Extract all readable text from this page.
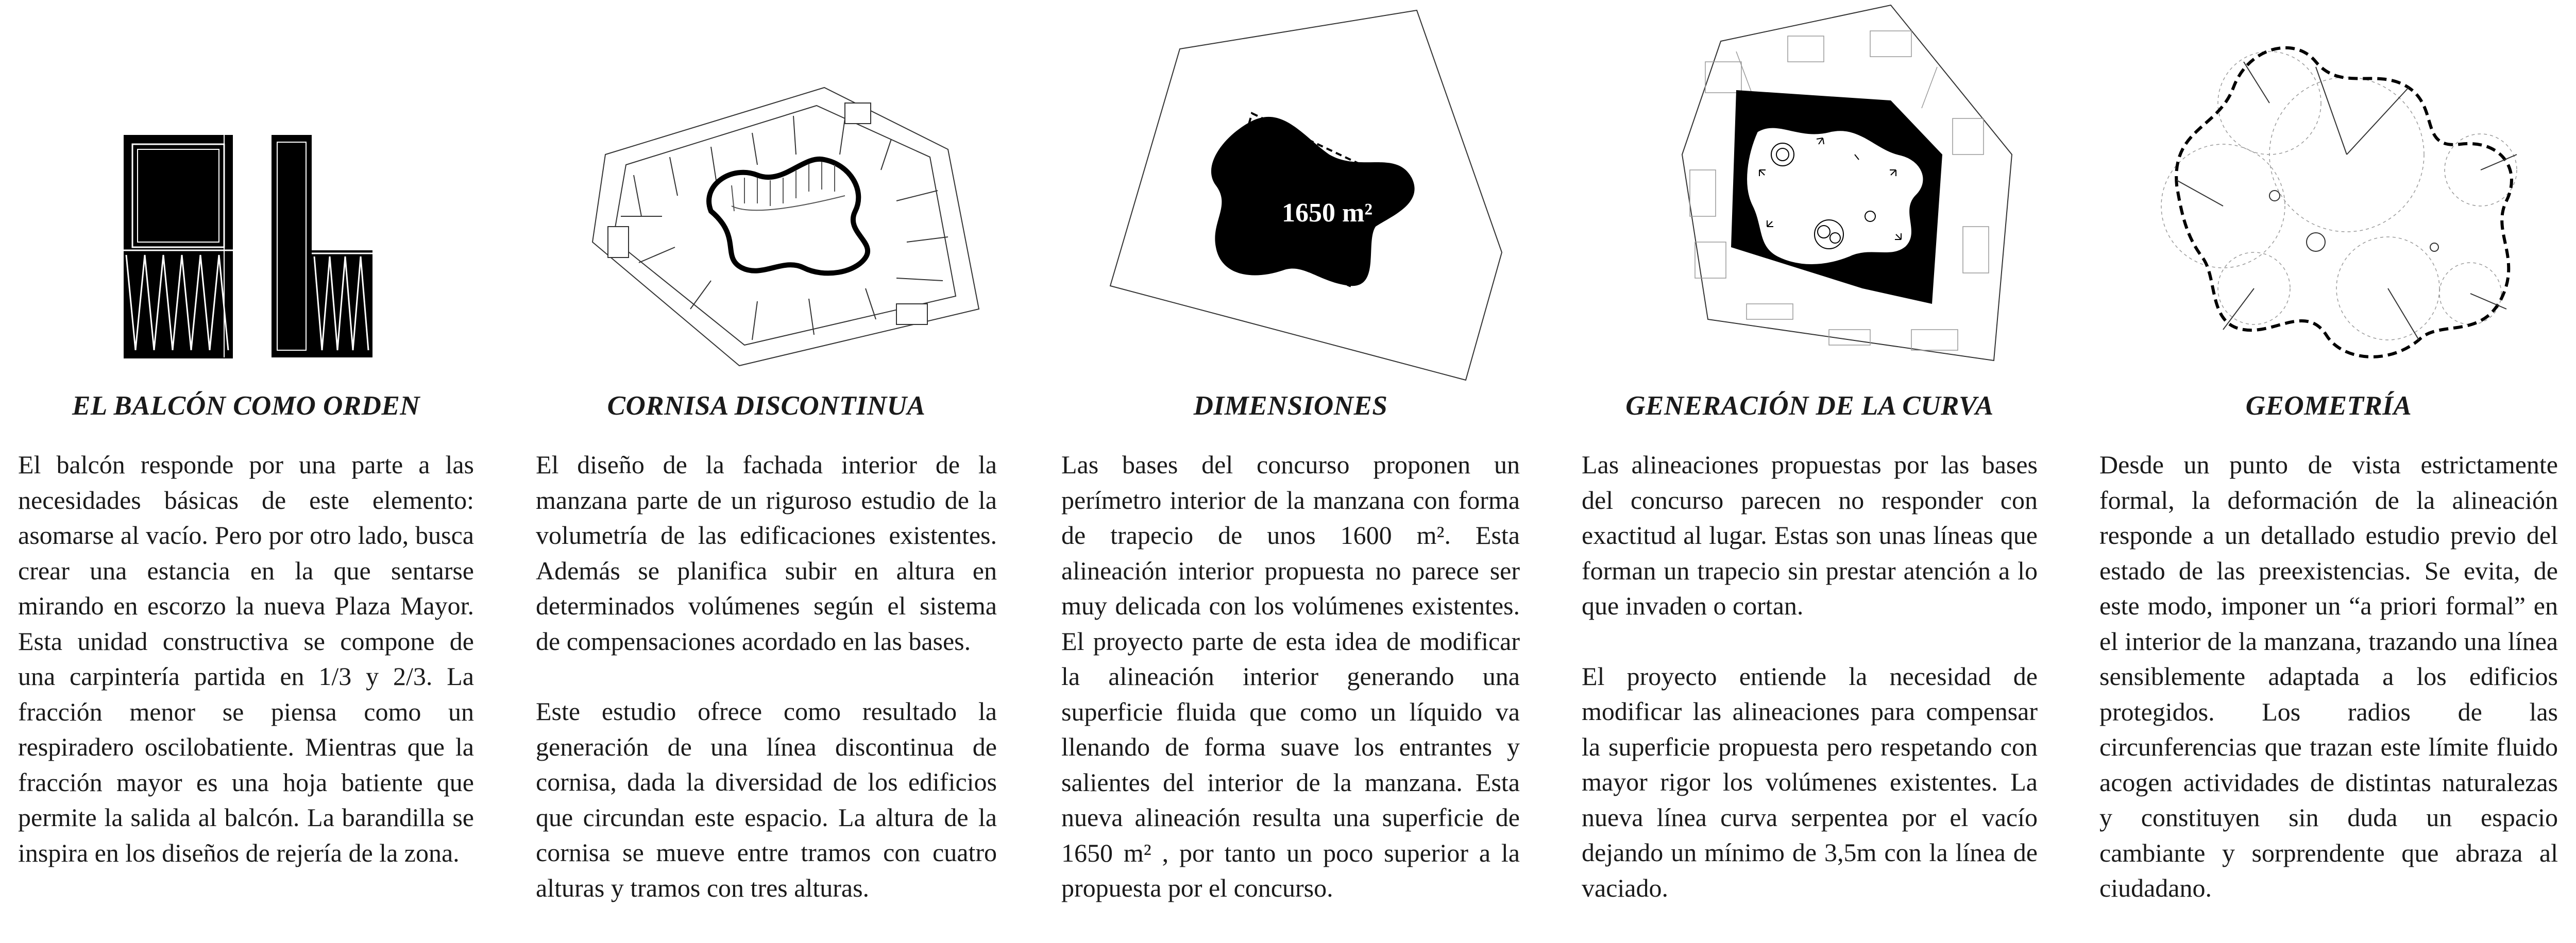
EL BALCÓN COMO ORDEN

El balcón responde por una parte a las necesidades básicas de este elemento: asomarse al vacío. Pero por otro lado, busca crear una estancia en la que sentarse mirando en escorzo la nueva Plaza Mayor. Esta unidad constructiva se compone de una carpintería partida en 1/3 y 2/3. La fracción menor se piensa como un respiradero oscilobatiente. Mientras que la fracción mayor es una hoja batiente que permite la salida al balcón. La barandilla se inspira en los diseños de rejería de la zona.

CORNISA DISCONTINUA

El diseño de la fachada interior de la manzana parte de un riguroso estudio de la volumetría de las edificaciones existentes. Además se planifica subir en altura en determinados volúmenes según el sistema de compensaciones acordado en las bases.

Este estudio ofrece como resultado la generación de una línea discontinua de cornisa, dada la diversidad de los edificios que circundan este espacio. La altura de la cornisa se mueve entre tramos con cuatro alturas y tramos con tres alturas.

1650 m²
DIMENSIONES

Las bases del concurso proponen un perímetro interior de la manzana con forma de trapecio de unos 1600 m². Esta alineación interior propuesta no parece ser muy delicada con los volúmenes existentes. El proyecto parte de esta idea de modificar la alineación interior generando una superficie fluida que como un líquido va llenando de forma suave los entrantes y salientes del interior de la manzana. Esta nueva alineación resulta una superficie de 1650 m² , por tanto un poco superior a la propuesta por el concurso.

GENERACIÓN DE LA CURVA

Las alineaciones propuestas por las bases del concurso parecen no responder con exactitud al lugar. Estas son unas líneas que forman un trapecio sin prestar atención a lo que invaden o cortan.

El proyecto entiende la necesidad de modificar las alineaciones para compensar la superficie propuesta pero respetando con mayor rigor los volúmenes existentes. La nueva línea curva serpentea por el vacío dejando un mínimo de 3,5m con la línea de vaciado.

GEOMETRÍA

Desde un punto de vista estrictamente formal, la deformación de la alineación responde a un detallado estudio previo del estado de las preexistencias. Se evita, de este modo, imponer un “a priori formal” en el interior de la manzana, trazando una línea sensiblemente adaptada a los edificios protegidos. Los radios de las circunferencias que trazan este límite fluido acogen actividades de distintas naturalezas y constituyen sin duda un espacio cambiante y sorprendente que abraza al ciudadano.
